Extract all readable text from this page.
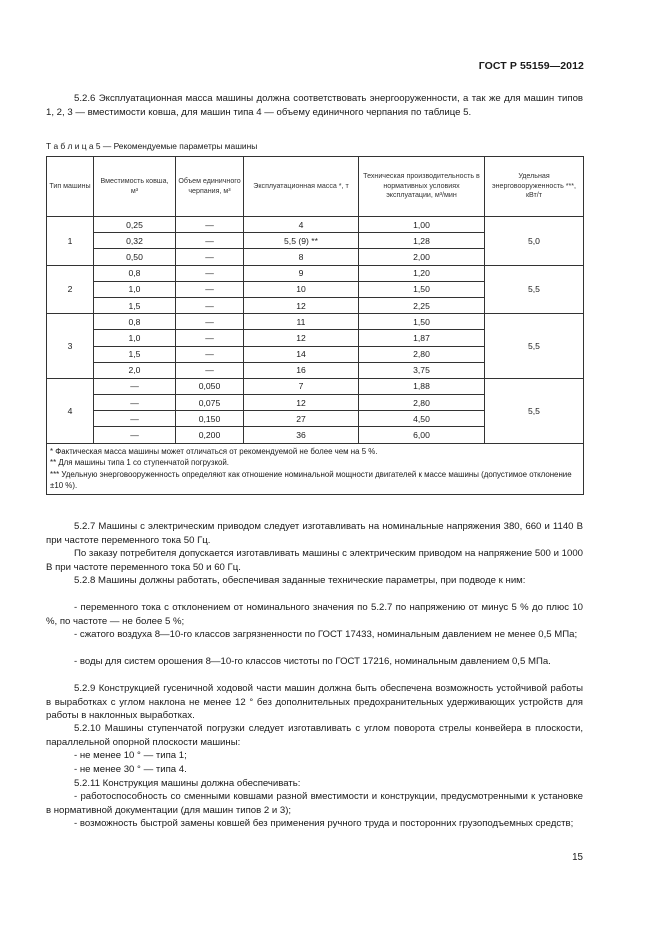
ГОСТ Р 55159—2012

5.2.6 Эксплуатационная масса машины должна соответствовать энергооруженности, а так же для машин типов 1, 2, 3 — вместимости ковша, для машин типа 4 — объему единичного черпания по таблице 5.

Т а б л и ц а 5 — Рекомендуемые параметры машины
Тип машины	Вместимость ковша, м³	Объем единичного черпания, м³	Эксплуатационная масса *, т	Техническая производительность в нормативных условиях эксплуатации, м³/мин	Удельная энерговооруженность ***, кВт/т
1	0,25	—	4	1,00	5,0
	0,32	—	5,5 (9) **	1,28	
	0,50	—	8	2,00	
2	0,8	—	9	1,20	5,5
	1,0	—	10	1,50	
	1,5	—	12	2,25	
3	0,8	—	11	1,50	5,5
	1,0	—	12	1,87	
	1,5	—	14	2,80	
	2,0	—	16	3,75	
4	—	0,050	7	1,88	5,5
	—	0,075	12	2,80	
	—	0,150	27	4,50	
	—	0,200	36	6,00	

* Фактическая масса машины может отличаться от рекомендуемой не более чем на 5 %.
** Для машины типа 1 со ступенчатой погрузкой.
*** Удельную энерговооруженность определяют как отношение номинальной мощности двигателей к массе машины (допустимое отклонение ±10 %).					

5.2.7 Машины с электрическим приводом следует изготавливать на номинальные напряжения 380, 660 и 1140 В при частоте переменного тока 50 Гц.

По заказу потребителя допускается изготавливать машины с электрическим приводом на напряжение 500 и 1000 В при частоте переменного тока 50 и 60 Гц.

5.2.8 Машины должны работать, обеспечивая заданные технические параметры, при подводе к ним:

- переменного тока с отклонением от номинального значения по 5.2.7 по напряжению от минус 5 % до плюс 10 %, по частоте — не более 5 %;

- сжатого воздуха 8—10-го классов загрязненности по ГОСТ 17433, номинальным давлением не менее 0,5 МПа;

- воды для систем орошения 8—10-го классов чистоты по ГОСТ 17216, номинальным давлением 0,5 МПа.

5.2.9 Конструкцией гусеничной ходовой части машин должна быть обеспечена возможность устойчивой работы в выработках с углом наклона не менее 12 ° без дополнительных предохранительных удерживающих устройств для работы в наклонных выработках.

5.2.10 Машины ступенчатой погрузки следует изготавливать с углом поворота стрелы конвейера в плоскости, параллельной опорной плоскости машины:

- не менее 10 ° — типа 1;

- не менее 30 ° — типа 4.

5.2.11 Конструкция машины должна обеспечивать:

- работоспособность со сменными ковшами разной вместимости и конструкции, предусмотренными к установке в нормативной документации (для машин типов 2 и 3);

- возможность быстрой замены ковшей без применения ручного труда и посторонних грузоподъемных средств;

15
